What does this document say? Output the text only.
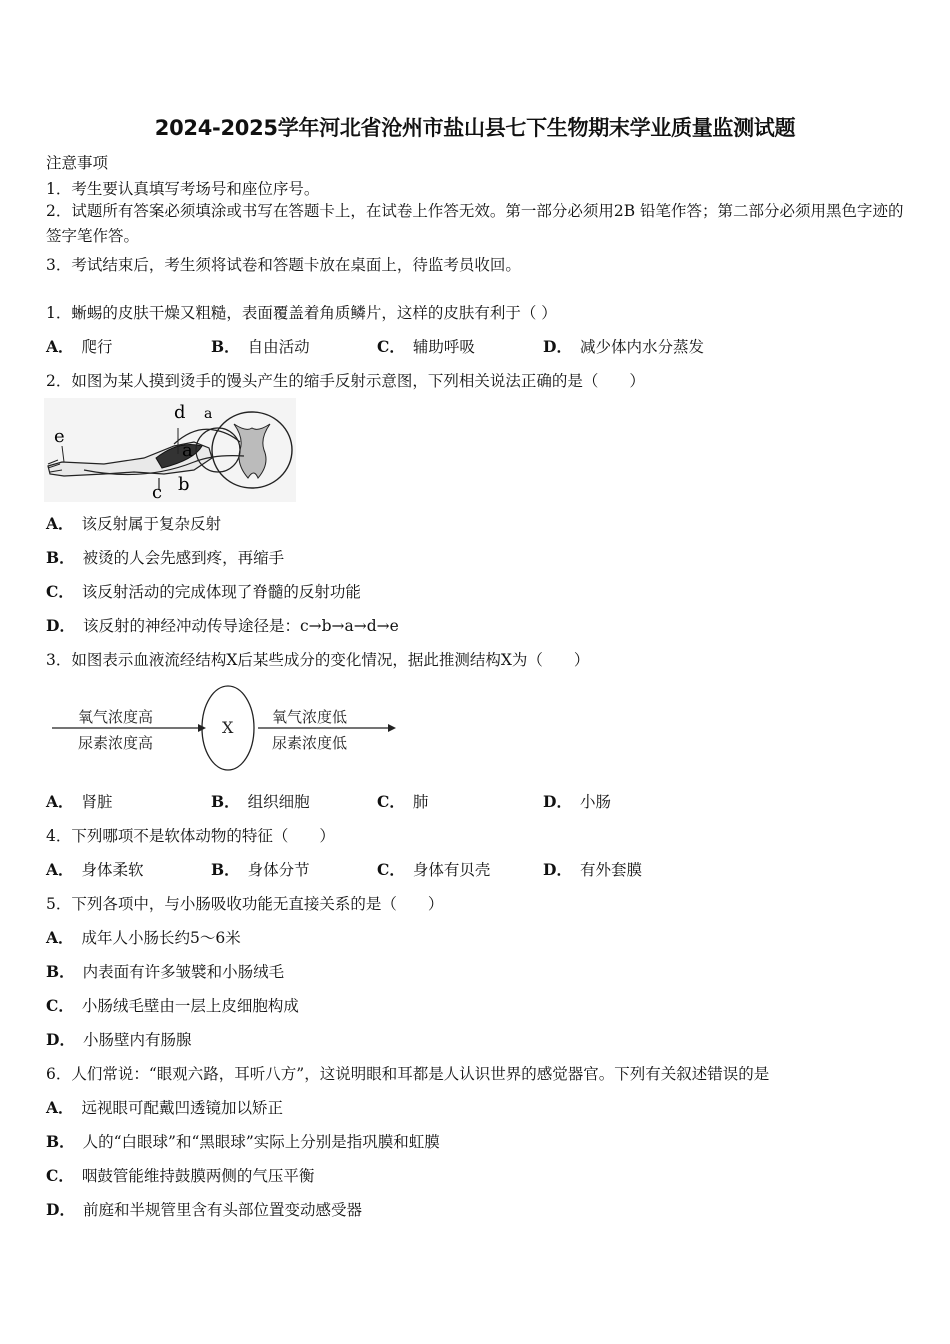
2024-2025学年河北省沧州市盐山县七下生物期末学业质量监测试题
注意事项
1．考生要认真填写考场号和座位序号。
2．试题所有答案必须填涂或书写在答题卡上，在试卷上作答无效。第一部分必须用2B 铅笔作答；第二部分必须用黑色字迹的签字笔作答。
3．考试结束后，考生须将试卷和答题卡放在桌面上，待监考员收回。
1．蜥蜴的皮肤干燥又粗糙，表面覆盖着角质鳞片，这样的皮肤有利于（ ）
A． 爬行	B． 自由活动	C． 辅助呼吸	D． 减少体内水分蒸发
2．如图为某人摸到烫手的馒头产生的缩手反射示意图，下列相关说法正确的是（　　）
d a
e
a
c b
A． 该反射属于复杂反射
B． 被烫的人会先感到疼，再缩手
C． 该反射活动的完成体现了脊髓的反射功能
D． 该反射的神经冲动传导途径是：c→b→a→d→e
3．如图表示血液流经结构X后某些成分的变化情况，据此推测结构X为（　　）
氧气浓度高
尿素浓度高
X
氧气浓度低
尿素浓度低
A． 肾脏	B． 组织细胞	C． 肺	D． 小肠
4．下列哪项不是软体动物的特征（　　）
A． 身体柔软	B． 身体分节	C． 身体有贝壳	D． 有外套膜
5．下列各项中，与小肠吸收功能无直接关系的是（　　）
A． 成年人小肠长约5～6米
B． 内表面有许多皱襞和小肠绒毛
C． 小肠绒毛壁由一层上皮细胞构成
D． 小肠壁内有肠腺
6．人们常说：“眼观六路，耳听八方”，这说明眼和耳都是人认识世界的感觉器官。下列有关叙述错误的是
A． 远视眼可配戴凹透镜加以矫正
B． 人的“白眼球”和“黑眼球”实际上分别是指巩膜和虹膜
C． 咽鼓管能维持鼓膜两侧的气压平衡
D． 前庭和半规管里含有头部位置变动感受器
